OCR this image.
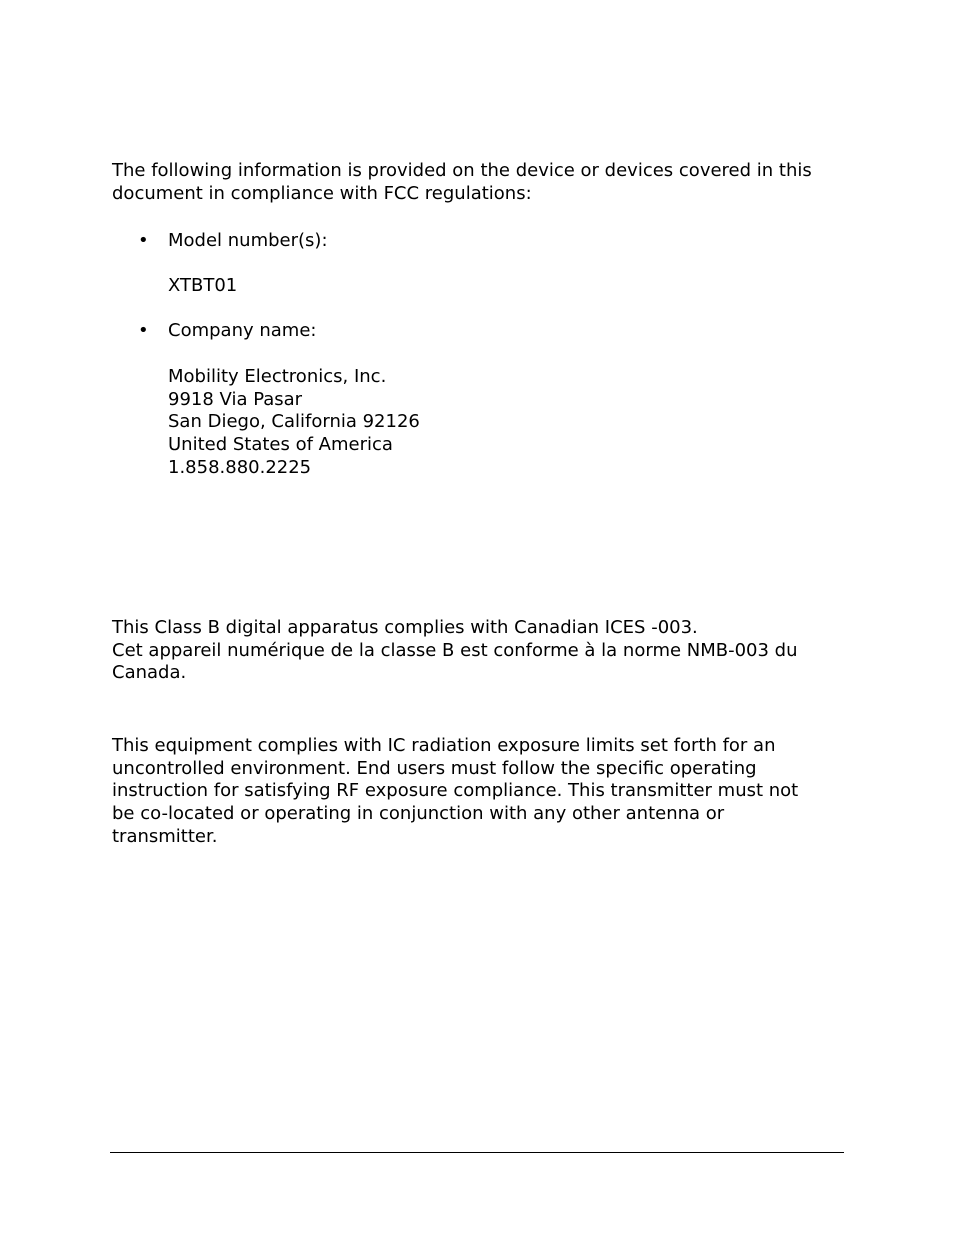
The following information is provided on the device or devices covered in this
document in compliance with FCC regulations:

• Model number(s):
XTBT01
• Company name:
Mobility Electronics, Inc.
9918 Via Pasar
San Diego, California 92126
United States of America
1.858.880.2225

This Class B digital apparatus complies with Canadian ICES -003.
Cet appareil numérique de la classe B est conforme à la norme NMB-003 du
Canada.

This equipment complies with IC radiation exposure limits set forth for an
uncontrolled environment. End users must follow the specific operating
instruction for satisfying RF exposure compliance. This transmitter must not
be co-located or operating in conjunction with any other antenna or
transmitter.
